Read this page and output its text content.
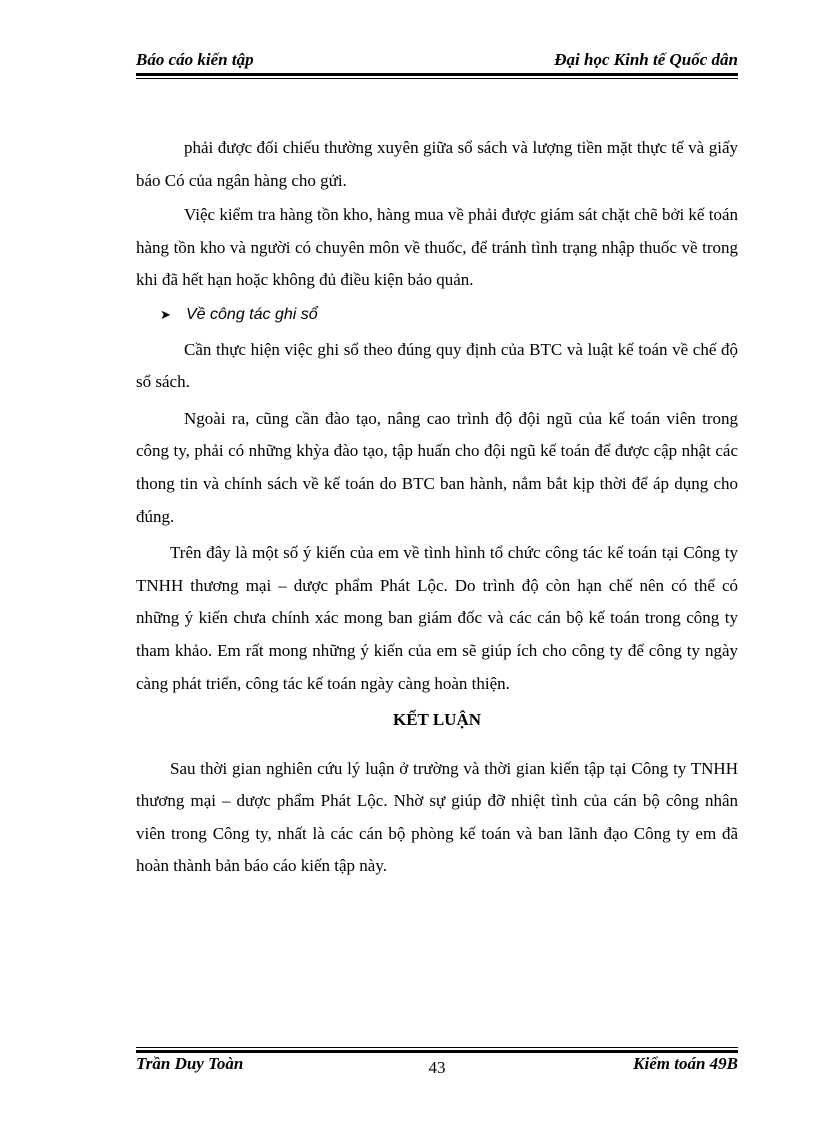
Báo cáo kiến tập	Đại học Kinh tế Quốc dân

phải được đối chiếu thường xuyên giữa sổ sách và lượng tiền mặt thực tế và giấy báo Có của ngân hàng cho gửi.

Việc kiểm tra hàng tồn kho, hàng mua về phải được giám sát chặt chẽ bởi kế toán hàng tồn kho và người có chuyên môn về thuốc, để tránh tình trạng nhập thuốc về trong khi đã hết hạn hoặc không đủ điều kiện bảo quản.

➤ Về công tác ghi sổ

Cần thực hiện việc ghi sổ theo đúng quy định của BTC và luật kế toán về chế độ sổ sách.

Ngoài ra, cũng cần đào tạo, nâng cao trình độ đội ngũ của kế toán viên trong công ty, phải có những khỳa đào tạo, tập huấn cho đội ngũ kế toán để được cập nhật các thong tin và chính sách về kế toán do BTC ban hành, nắm bắt kịp thời để áp dụng cho đúng.

Trên đây là một số ý kiến của em về tình hình tổ chức công tác kế toán tại Công ty TNHH thương mại – dược phẩm Phát Lộc. Do trình độ còn hạn chế nên có thể có những ý kiến chưa chính xác mong ban giám đốc và các cán bộ kế toán trong công ty tham khảo. Em rất mong những ý kiến của em sẽ giúp ích cho công ty để công ty ngày càng phát triển, công tác kế toán ngày càng hoàn thiện.

KẾT LUẬN

Sau thời gian nghiên cứu lý luận ở trường và thời gian kiến tập tại Công ty TNHH thương mại – dược phẩm Phát Lộc. Nhờ sự giúp đỡ nhiệt tình của cán bộ công nhân viên trong Công ty, nhất là các cán bộ phòng kế toán và ban lãnh đạo Công ty em đã hoàn thành bản báo cáo kiến tập này.

Trần Duy Toàn	43	Kiểm toán 49B
